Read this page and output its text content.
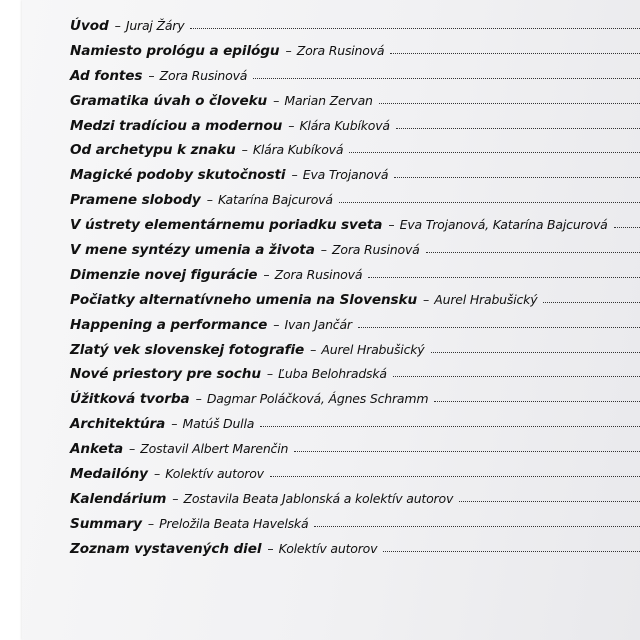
Úvod – Juraj Žáry
Namiesto prológu a epilógu – Zora Rusinová
Ad fontes – Zora Rusinová
Gramatika úvah o človeku – Marian Zervan
Medzi tradíciou a modernou – Klára Kubíková
Od archetypu k znaku – Klára Kubíková
Magické podoby skutočnosti – Eva Trojanová
Pramene slobody – Katarína Bajcurová
V ústrety elementárnemu poriadku sveta – Eva Trojanová, Katarína Bajcurová
V mene syntézy umenia a života – Zora Rusinová
Dimenzie novej figurácie – Zora Rusinová
Počiatky alternatívneho umenia na Slovensku – Aurel Hrabušický
Happening a performance – Ivan Jančár
Zlatý vek slovenskej fotografie – Aurel Hrabušický
Nové priestory pre sochu – Ľuba Belohradská
Úžitková tvorba – Dagmar Poláčková, Ágnes Schramm
Architektúra – Matúš Dulla
Anketa – Zostavil Albert Marenčin
Medailóny – Kolektív autorov
Kalendárium – Zostavila Beata Jablonská a kolektív autorov
Summary – Preložila Beata Havelská
Zoznam vystavených diel – Kolektív autorov
